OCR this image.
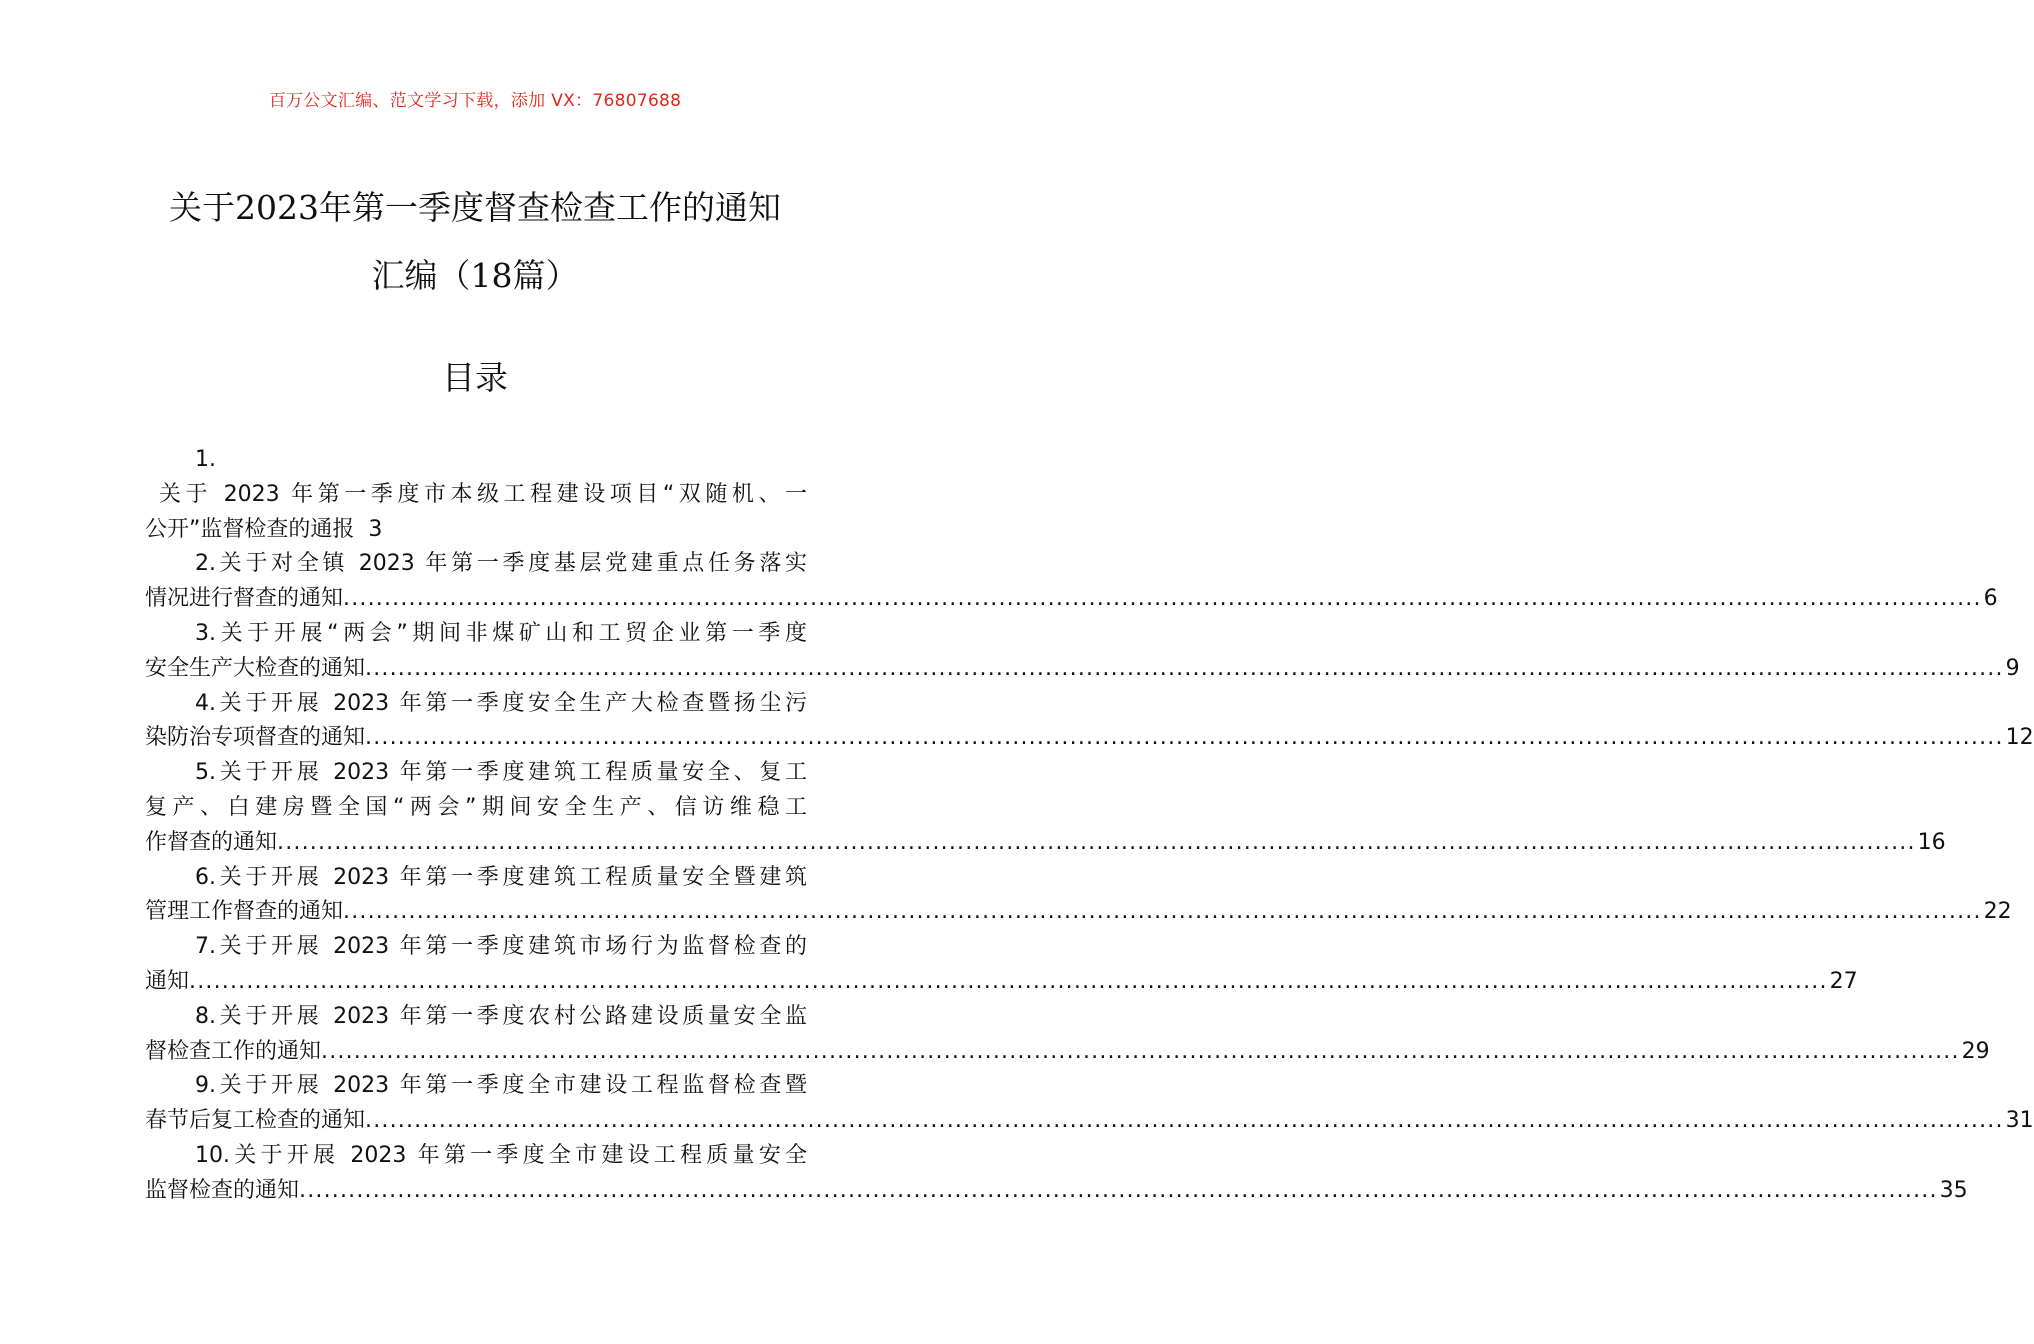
百万公文汇编、范文学习下载，添加 VX：76807688
关于2023年第一季度督查检查工作的通知
汇编（18篇）
目录
1.
关于 2023 年第一季度市本级工程建设项目“双随机、一
公开”监督检查的通报 3
2.关于对全镇 2023 年第一季度基层党建重点任务落实
情况进行督查的通知 ........................................................................................................................................................................................................ 6
3.关于开展“两会”期间非煤矿山和工贸企业第一季度
安全生产大检查的通知 ........................................................................................................................................................................................................ 9
4.关于开展 2023 年第一季度安全生产大检查暨扬尘污
染防治专项督查的通知 ........................................................................................................................................................................................................ 12
5.关于开展 2023 年第一季度建筑工程质量安全、复工
复产、白建房暨全国“两会”期间安全生产、信访维稳工
作督查的通知 ........................................................................................................................................................................................................ 16
6.关于开展 2023 年第一季度建筑工程质量安全暨建筑
管理工作督查的通知 ........................................................................................................................................................................................................ 22
7.关于开展 2023 年第一季度建筑市场行为监督检查的
通知 ........................................................................................................................................................................................................ 27
8.关于开展 2023 年第一季度农村公路建设质量安全监
督检查工作的通知 ........................................................................................................................................................................................................ 29
9.关于开展 2023 年第一季度全市建设工程监督检查暨
春节后复工检查的通知 ........................................................................................................................................................................................................ 31
10.关于开展 2023 年第一季度全市建设工程质量安全
监督检查的通知 ........................................................................................................................................................................................................ 35
